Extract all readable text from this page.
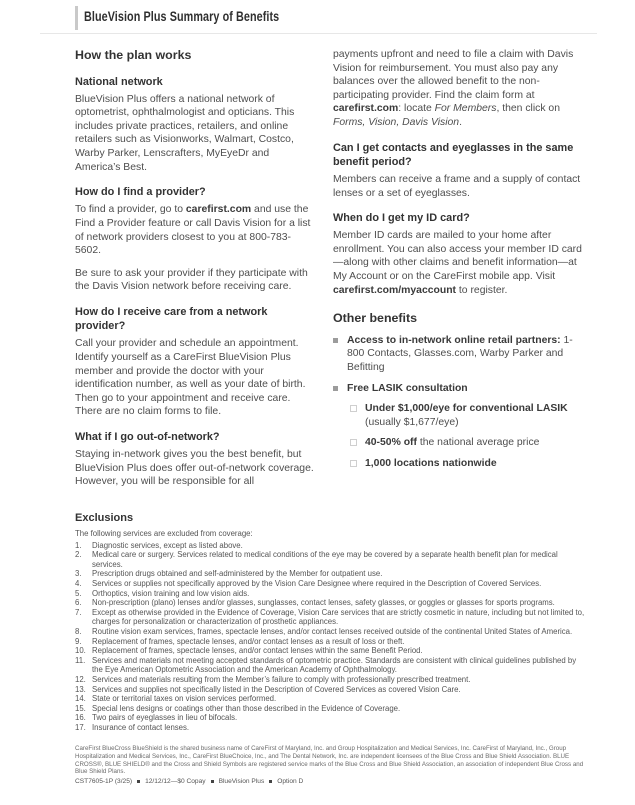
BlueVision Plus Summary of Benefits
How the plan works
National network
BlueVision Plus offers a national network of optometrist, ophthalmologist and opticians. This includes private practices, retailers, and online retailers such as Visionworks, Walmart, Costco, Warby Parker, Lenscrafters, MyEyeDr and America’s Best.
How do I find a provider?
To find a provider, go to carefirst.com and use the Find a Provider feature or call Davis Vision for a list of network providers closest to you at 800-783-5602.
Be sure to ask your provider if they participate with the Davis Vision network before receiving care.
How do I receive care from a network provider?
Call your provider and schedule an appointment. Identify yourself as a CareFirst BlueVision Plus member and provide the doctor with your identification number, as well as your date of birth. Then go to your appointment and receive care. There are no claim forms to file.
What if I go out-of-network?
Staying in-network gives you the best benefit, but BlueVision Plus does offer out-of-network coverage. However, you will be responsible for all
payments upfront and need to file a claim with Davis Vision for reimbursement. You must also pay any balances over the allowed benefit to the non-participating provider. Find the claim form at carefirst.com: locate For Members, then click on Forms, Vision, Davis Vision.
Can I get contacts and eyeglasses in the same benefit period?
Members can receive a frame and a supply of contact lenses or a set of eyeglasses.
When do I get my ID card?
Member ID cards are mailed to your home after enrollment. You can also access your member ID card—along with other claims and benefit information—at My Account or on the CareFirst mobile app. Visit carefirst.com/myaccount to register.
Other benefits
Access to in-network online retail partners: 1-800 Contacts, Glasses.com, Warby Parker and Befitting
Free LASIK consultation
Under $1,000/eye for conventional LASIK (usually $1,677/eye)
40-50% off the national average price
1,000 locations nationwide
Exclusions
The following services are excluded from coverage:
1.	Diagnostic services, except as listed above.
2.	Medical care or surgery. Services related to medical conditions of the eye may be covered by a separate health benefit plan for medical services.
3.	Prescription drugs obtained and self-administered by the Member for outpatient use.
4.	Services or supplies not specifically approved by the Vision Care Designee where required in the Description of Covered Services.
5.	Orthoptics, vision training and low vision aids.
6.	Non-prescription (plano) lenses and/or glasses, sunglasses, contact lenses, safety glasses, or goggles or glasses for sports programs.
7.	Except as otherwise provided in the Evidence of Coverage, Vision Care services that are strictly cosmetic in nature, including but not limited to, charges for personalization or characterization of prosthetic appliances.
8.	Routine vision exam services, frames, spectacle lenses, and/or contact lenses received outside of the continental United States of America.
9.	Replacement of frames, spectacle lenses, and/or contact lenses as a result of loss or theft.
10. Replacement of frames, spectacle lenses, and/or contact lenses within the same Benefit Period.
11. Services and materials not meeting accepted standards of optometric practice. Standards are consistent with clinical guidelines published by the Eye American Optometric Association and the American Academy of Ophthalmology.
12. Services and materials resulting from the Member’s failure to comply with professionally prescribed treatment.
13. Services and supplies not specifically listed in the Description of Covered Services as covered Vision Care.
14. State or territorial taxes on vision services performed.
15. Special lens designs or coatings other than those described in the Evidence of Coverage.
16. Two pairs of eyeglasses in lieu of bifocals.
17. Insurance of contact lenses.
CareFirst BlueCross BlueShield is the shared business name of CareFirst of Maryland, Inc. and Group Hospitalization and Medical Services, Inc. CareFirst of Maryland, Inc., Group Hospitalization and Medical Services, Inc., CareFirst BlueChoice, Inc., and The Dental Network, Inc. are independent licensees of the Blue Cross and Blue Shield Association. BLUE CROSS®, BLUE SHIELD® and the Cross and Shield Symbols are registered service marks of the Blue Cross and Blue Shield Association, an association of independent Blue Cross and Blue Shield Plans.
CST7605-1P (3/25) 12/12/12—$0 Copay BlueVision Plus Option D
